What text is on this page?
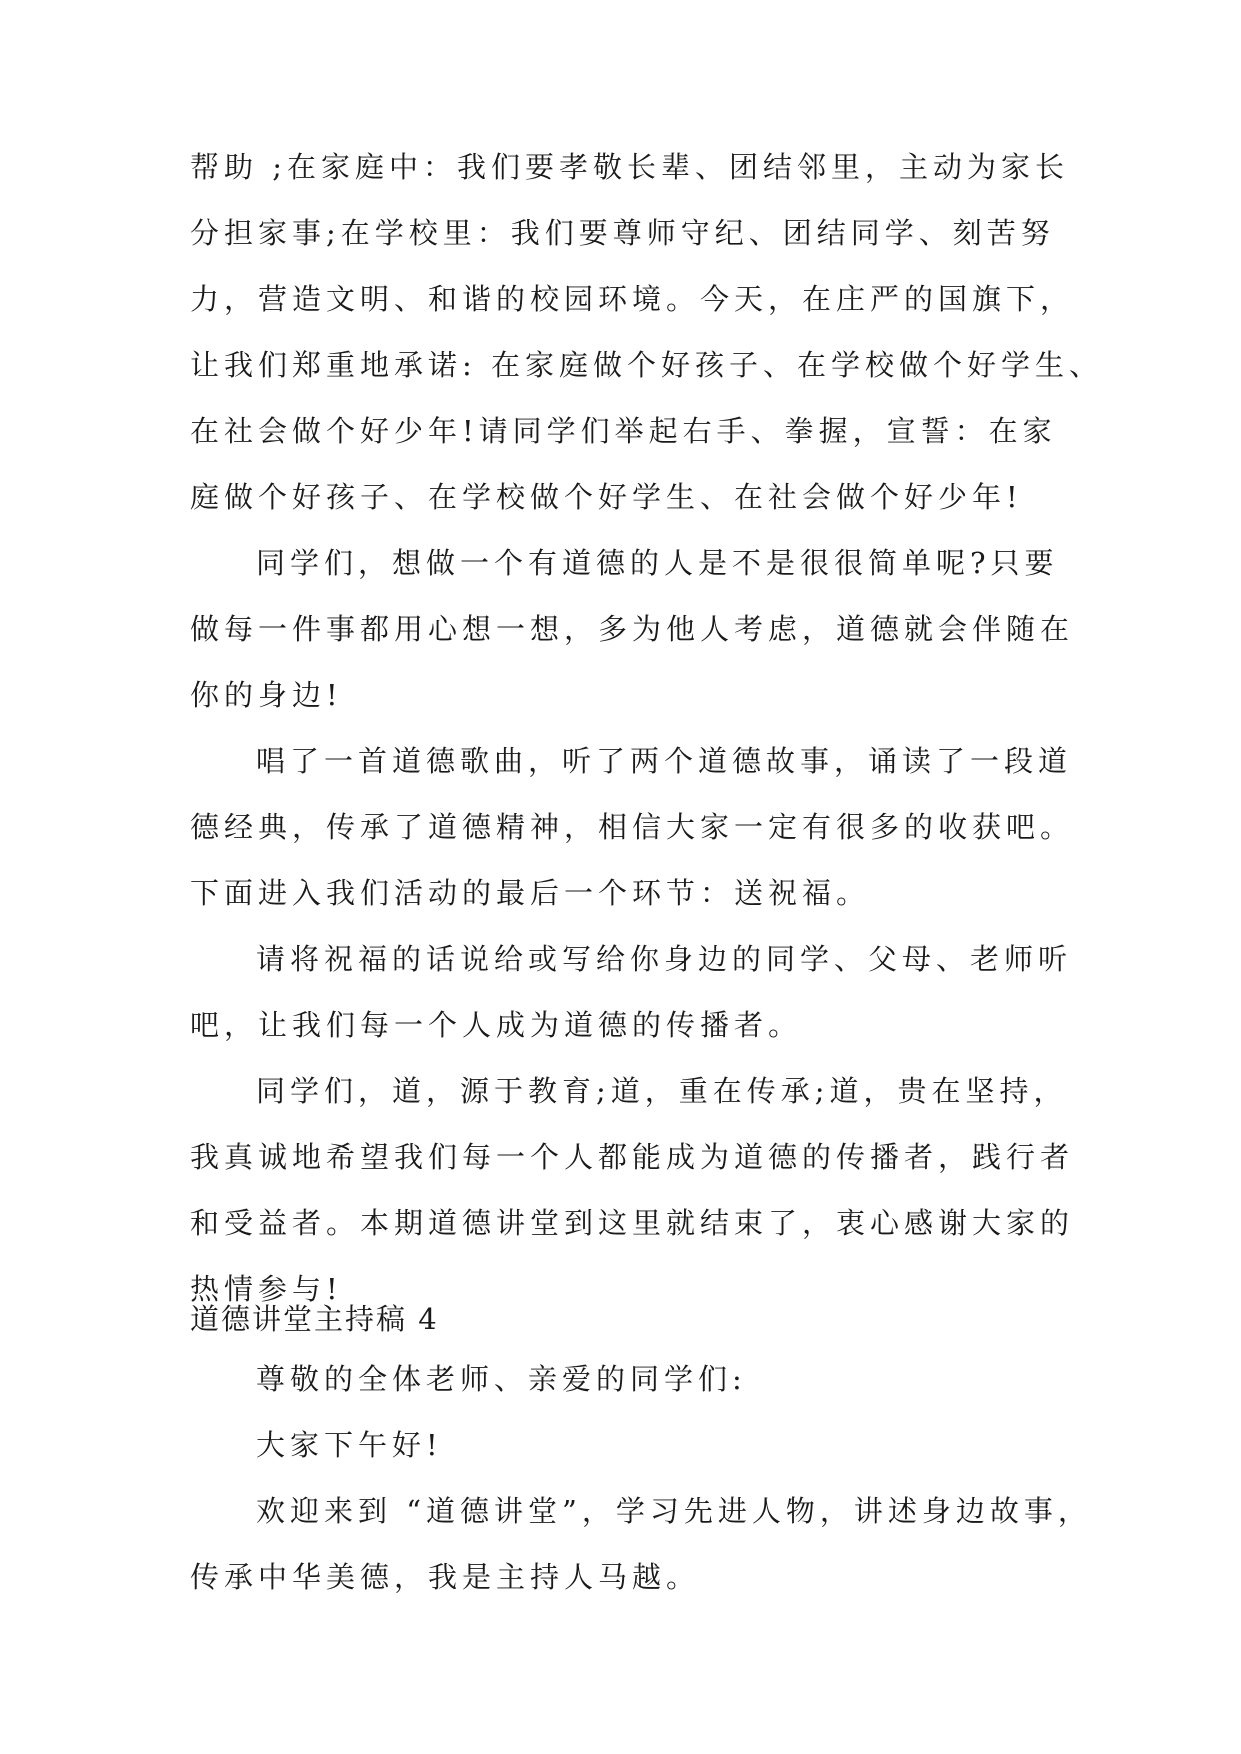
帮助 ;在家庭中：我们要孝敬长辈、团结邻里，主动为家长
分担家事;在学校里：我们要尊师守纪、团结同学、刻苦努
力，营造文明、和谐的校园环境。今天，在庄严的国旗下，
让我们郑重地承诺: 在家庭做个好孩子、在学校做个好学生、
在社会做个好少年!请同学们举起右手、拳握，宣誓：在家
庭做个好孩子、在学校做个好学生、在社会做个好少年!
同学们，想做一个有道德的人是不是很很简单呢?只要
做每一件事都用心想一想，多为他人考虑，道德就会伴随在
你的身边!
唱了一首道德歌曲，听了两个道德故事，诵读了一段道
德经典，传承了道德精神，相信大家一定有很多的收获吧。
下面进入我们活动的最后一个环节：送祝福。
请将祝福的话说给或写给你身边的同学、父母、老师听
吧，让我们每一个人成为道德的传播者。
同学们，道，源于教育;道，重在传承;道，贵在坚持，
我真诚地希望我们每一个人都能成为道德的传播者，践行者
和受益者。本期道德讲堂到这里就结束了，衷心感谢大家的
热情参与!
道德讲堂主持稿 4
尊敬的全体老师、亲爱的同学们:
大家下午好!
欢迎来到 “道德讲堂”，学习先进人物，讲述身边故事，
传承中华美德，我是主持人马越。
